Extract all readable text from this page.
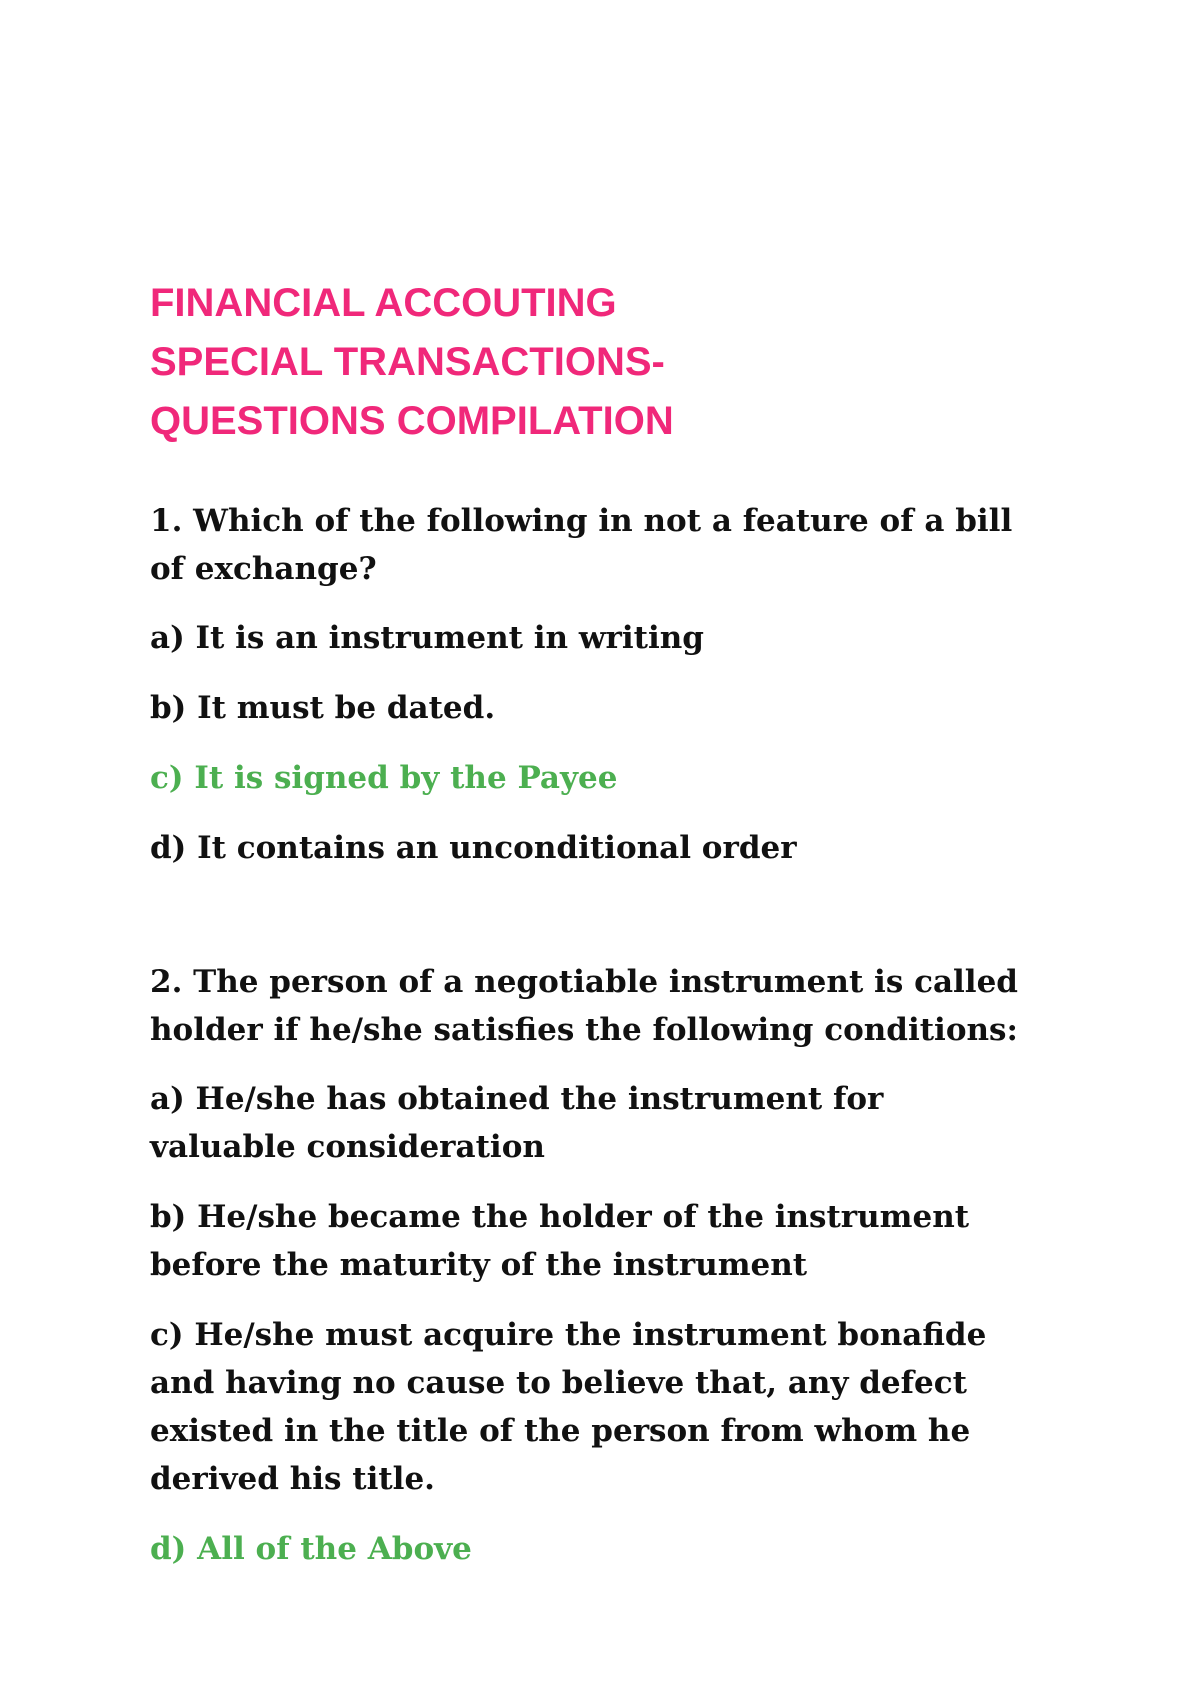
FINANCIAL ACCOUTING
SPECIAL TRANSACTIONS-
QUESTIONS COMPILATION

1. Which of the following in not a feature of a bill of exchange?

a) It is an instrument in writing

b) It must be dated.

c) It is signed by the Payee

d) It contains an unconditional order

2. The person of a negotiable instrument is called holder if he/she satisfies the following conditions:

a) He/she has obtained the instrument for valuable consideration

b) He/she became the holder of the instrument before the maturity of the instrument

c) He/she must acquire the instrument bonafide and having no cause to believe that, any defect existed in the title of the person from whom he derived his title.

d) All of the Above
